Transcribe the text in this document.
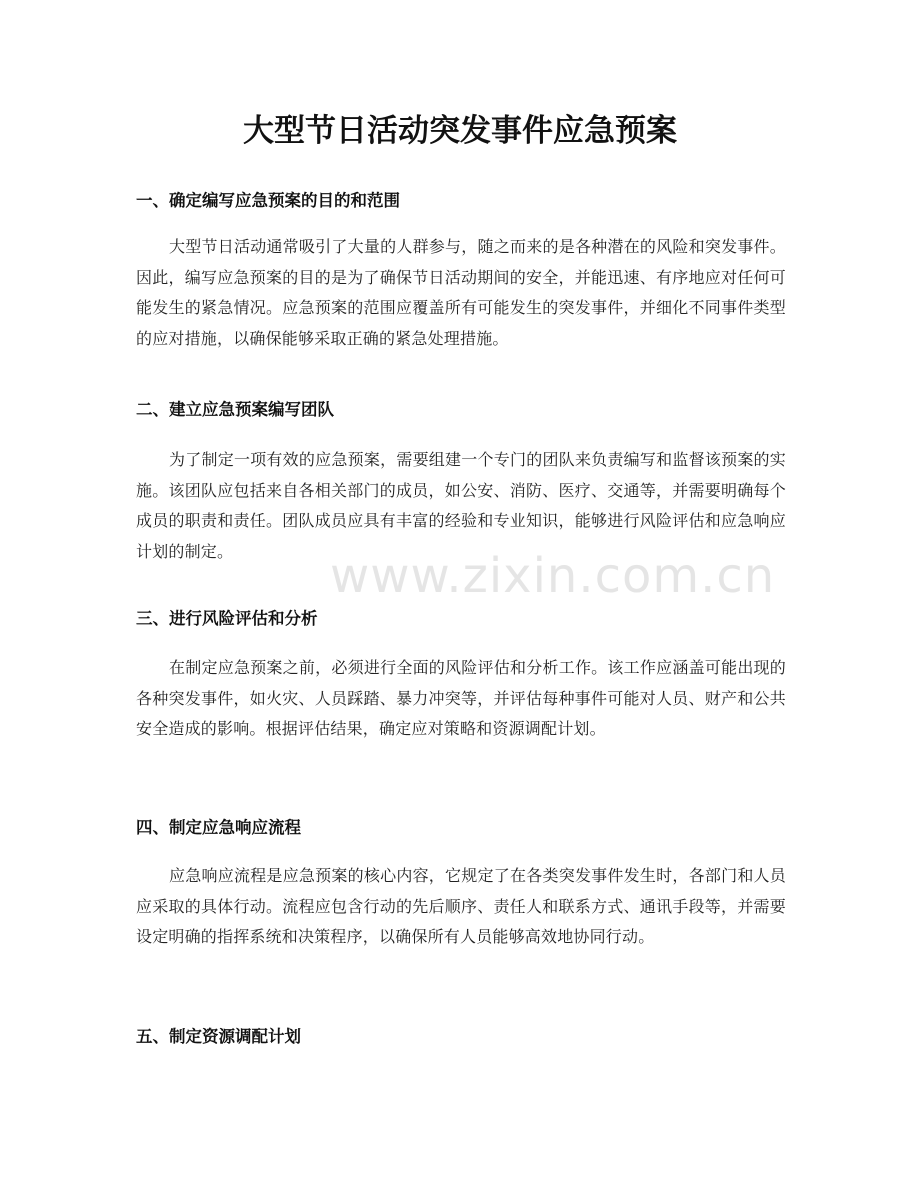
大型节日活动突发事件应急预案
一、确定编写应急预案的目的和范围

大型节日活动通常吸引了大量的人群参与，随之而来的是各种潜在的风险和突发事件。因此，编写应急预案的目的是为了确保节日活动期间的安全，并能迅速、有序地应对任何可能发生的紧急情况。应急预案的范围应覆盖所有可能发生的突发事件，并细化不同事件类型的应对措施，以确保能够采取正确的紧急处理措施。

二、建立应急预案编写团队

为了制定一项有效的应急预案，需要组建一个专门的团队来负责编写和监督该预案的实施。该团队应包括来自各相关部门的成员，如公安、消防、医疗、交通等，并需要明确每个成员的职责和责任。团队成员应具有丰富的经验和专业知识，能够进行风险评估和应急响应计划的制定。

三、进行风险评估和分析

在制定应急预案之前，必须进行全面的风险评估和分析工作。该工作应涵盖可能出现的各种突发事件，如火灾、人员踩踏、暴力冲突等，并评估每种事件可能对人员、财产和公共安全造成的影响。根据评估结果，确定应对策略和资源调配计划。

四、制定应急响应流程

应急响应流程是应急预案的核心内容，它规定了在各类突发事件发生时，各部门和人员应采取的具体行动。流程应包含行动的先后顺序、责任人和联系方式、通讯手段等，并需要设定明确的指挥系统和决策程序，以确保所有人员能够高效地协同行动。

五、制定资源调配计划
www.zixin.com.cn
